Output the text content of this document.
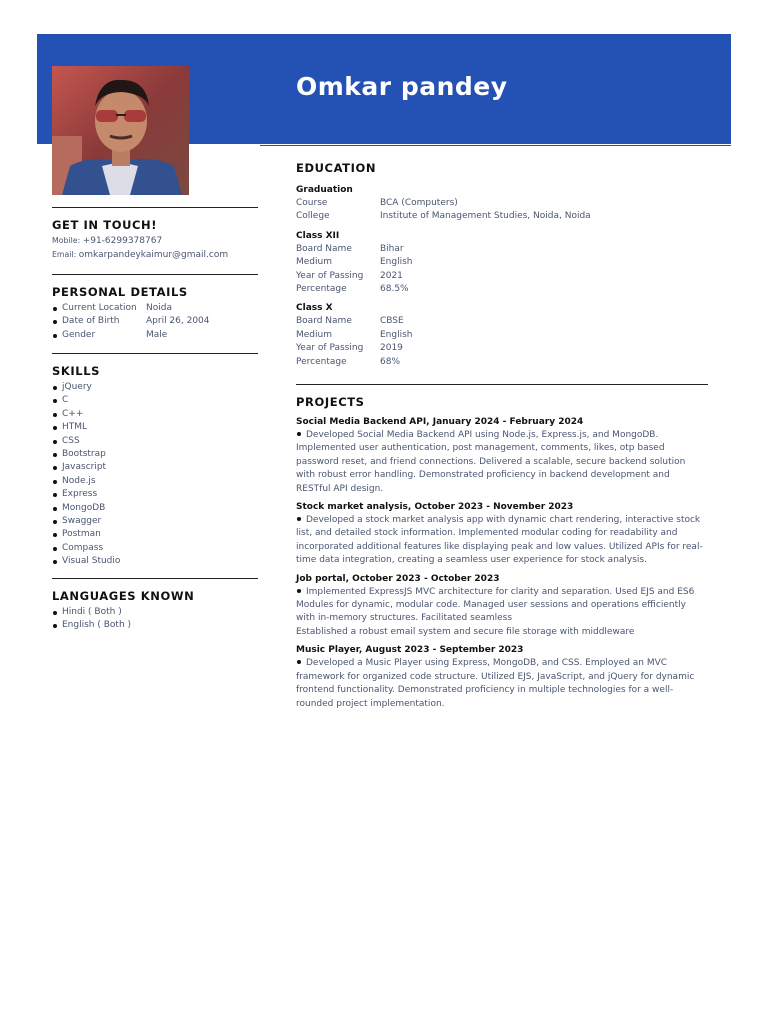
Omkar pandey
GET IN TOUCH!
Mobile: +91-6299378767
Email: omkarpandeykaimur@gmail.com
PERSONAL DETAILS
Current Location	Noida
Date of Birth	April 26, 2004
Gender	Male
SKILLS
jQuery
C
C++
HTML
CSS
Bootstrap
Javascript
Node.js
Express
MongoDB
Swagger
Postman
Compass
Visual Studio
LANGUAGES KNOWN
Hindi ( Both )
English ( Both )
EDUCATION
Graduation
Course	BCA (Computers)
College	Institute of Management Studies, Noida, Noida
Class XII
Board Name	Bihar
Medium	English
Year of Passing	2021
Percentage	68.5%
Class X
Board Name	CBSE
Medium	English
Year of Passing	2019
Percentage	68%
PROJECTS
Social Media Backend API, January 2024 - February 2024

Developed Social Media Backend API using Node.js, Express.js, and MongoDB.

Implemented user authentication, post management, comments, likes, otp based

password reset, and friend connections. Delivered a scalable, secure backend solution

with robust error handling. Demonstrated proficiency in backend development and

RESTful API design.

Stock market analysis, October 2023 - November 2023

Developed a stock market analysis app with dynamic chart rendering, interactive stock

list, and detailed stock information. Implemented modular coding for readability and

incorporated additional features like displaying peak and low values. Utilized APIs for real-

time data integration, creating a seamless user experience for stock analysis.

Job portal, October 2023 - October 2023

Implemented ExpressJS MVC architecture for clarity and separation. Used EJS and ES6

Modules for dynamic, modular code. Managed user sessions and operations efficiently

with in-memory structures. Facilitated seamless

Established a robust email system and secure file storage with middleware

Music Player, August 2023 - September 2023

Developed a Music Player using Express, MongoDB, and CSS. Employed an MVC

framework for organized code structure. Utilized EJS, JavaScript, and jQuery for dynamic

frontend functionality. Demonstrated proficiency in multiple technologies for a well-

rounded project implementation.
